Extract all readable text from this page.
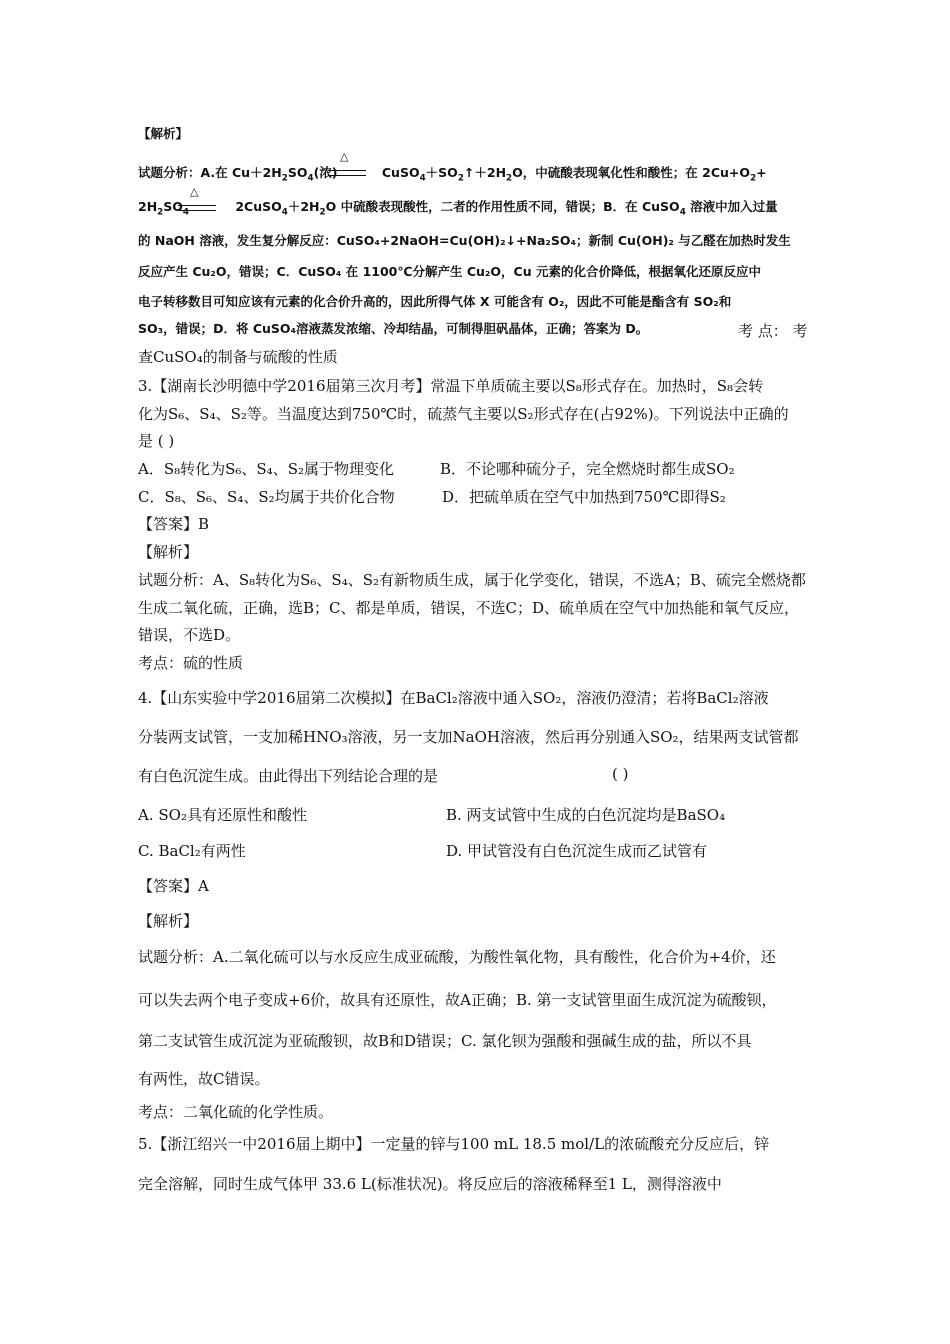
【解析】
试题分析：A.在 $Cu+2H_2SO_4$(浓)	$CuSO_4+SO_2↑+2H_2O$，中硫酸表现氧化性和酸性；在 $2Cu+O_2+$
△
$2H_2SO_4$	$2CuSO_4+2H_2O$ 中硫酸表现酸性，二者的作用性质不同，错误；B．在 CuSO$_4$ 溶液中加入过量
△
的 NaOH 溶液，发生复分解反应：CuSO₄+2NaOH=Cu(OH)₂↓+Na₂SO₄；新制 Cu(OH)₂ 与乙醛在加热时发生
反应产生 Cu₂O，错误；C．CuSO₄ 在 1100℃分解产生 Cu₂O，Cu 元素的化合价降低，根据氧化还原反应中
电子转移数目可知应该有元素的化合价升高的，因此所得气体 X 可能含有 O₂，因此不可能是酯含有 SO₂和
SO₃，错误；D．将 CuSO₄溶液蒸发浓缩、冷却结晶，可制得胆矾晶体，正确；答案为 D。	考 点： 考
查CuSO₄的制备与硫酸的性质
3.【湖南长沙明德中学2016届第三次月考】常温下单质硫主要以S₈形式存在。加热时，S₈会转
化为S₆、S₄、S₂等。当温度达到750℃时，硫蒸气主要以S₂形式存在(占92%)。下列说法中正确的
是 ( )
A．S₈转化为S₆、S₄、S₂属于物理变化	B．不论哪种硫分子，完全燃烧时都生成SO₂
C．S₈、S₆、S₄、S₂均属于共价化合物	D．把硫单质在空气中加热到750℃即得S₂
【答案】B
【解析】
试题分析：A、S₈转化为S₆、S₄、S₂有新物质生成，属于化学变化，错误，不选A；B、硫完全燃烧都
生成二氧化硫，正确，选B；C、都是单质，错误，不选C；D、硫单质在空气中加热能和氧气反应，
错误，不选D。
考点：硫的性质
4.【山东实验中学2016届第二次模拟】在BaCl₂溶液中通入SO₂，溶液仍澄清；若将BaCl₂溶液
分装两支试管，一支加稀HNO₃溶液，另一支加NaOH溶液，然后再分别通入SO₂，结果两支试管都
有白色沉淀生成。由此得出下列结论合理的是	( )
A. SO₂具有还原性和酸性	B. 两支试管中生成的白色沉淀均是BaSO₄
C. BaCl₂有两性	D. 甲试管没有白色沉淀生成而乙试管有
【答案】A
【解析】
试题分析：A.二氧化硫可以与水反应生成亚硫酸，为酸性氧化物，具有酸性，化合价为+4价，还
可以失去两个电子变成+6价，故具有还原性，故A正确；B. 第一支试管里面生成沉淀为硫酸钡，
第二支试管生成沉淀为亚硫酸钡，故B和D错误；C. 氯化钡为强酸和强碱生成的盐，所以不具
有两性，故C错误。
考点：二氧化硫的化学性质。
5.【浙江绍兴一中2016届上期中】一定量的锌与100 mL 18.5 mol/L的浓硫酸充分反应后，锌
完全溶解，同时生成气体甲 33.6 L(标准状况)。将反应后的溶液稀释至1 L，测得溶液中
